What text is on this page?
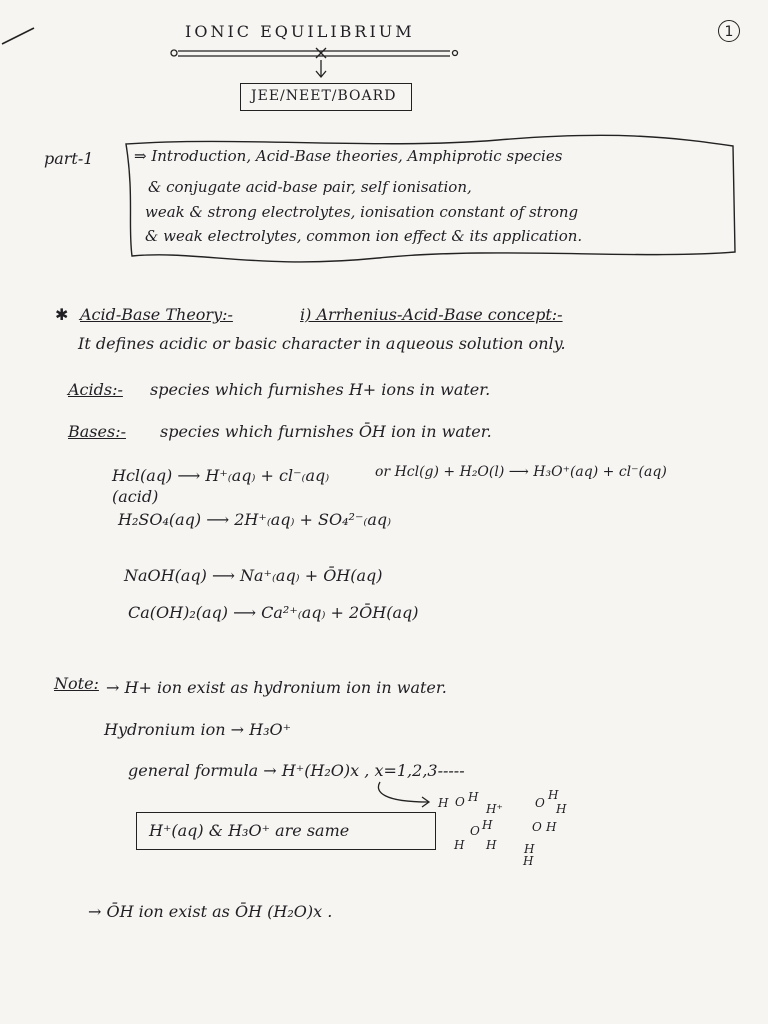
IONIC EQUILIBRIUM	1
JEE/NEET/BOARD
part-1	⇒ Introduction, Acid-Base theories, Amphiprotic species
& conjugate acid-base pair, self ionisation,
weak & strong electrolytes, ionisation constant of strong
& weak electrolytes, common ion effect & its application.
✱ Acid-Base Theory:-	i) Arrhenius-Acid-Base concept:-
It defines acidic or basic character in aqueous solution only.
Acids:- species which furnishes H+ ions in water.
Bases:- species which furnishes ŌH ion in water.
Hcl(aq) ⟶ H⁺₍aq₎ + cl⁻₍aq₎	or Hcl(g) + H₂O(l) ⟶ H₃O⁺(aq) + cl⁻(aq)
(acid)
H₂SO₄(aq) ⟶ 2H⁺₍aq₎ + SO₄²⁻₍aq₎
NaOH(aq) ⟶ Na⁺₍aq₎ + ŌH(aq)
Ca(OH)₂(aq) ⟶ Ca²⁺₍aq₎ + 2ŌH(aq)
Note: → H+ ion exist as hydronium ion in water.
Hydronium ion → H₃O⁺
general formula → H⁺(H₂O)x , x=1,2,3-----
H
O
H	H⁺	O
H
H
O H
H
O H
H H
H
H⁺(aq) & H₃O⁺ are same
→ ŌH ion exist as ŌH (H₂O)x .
